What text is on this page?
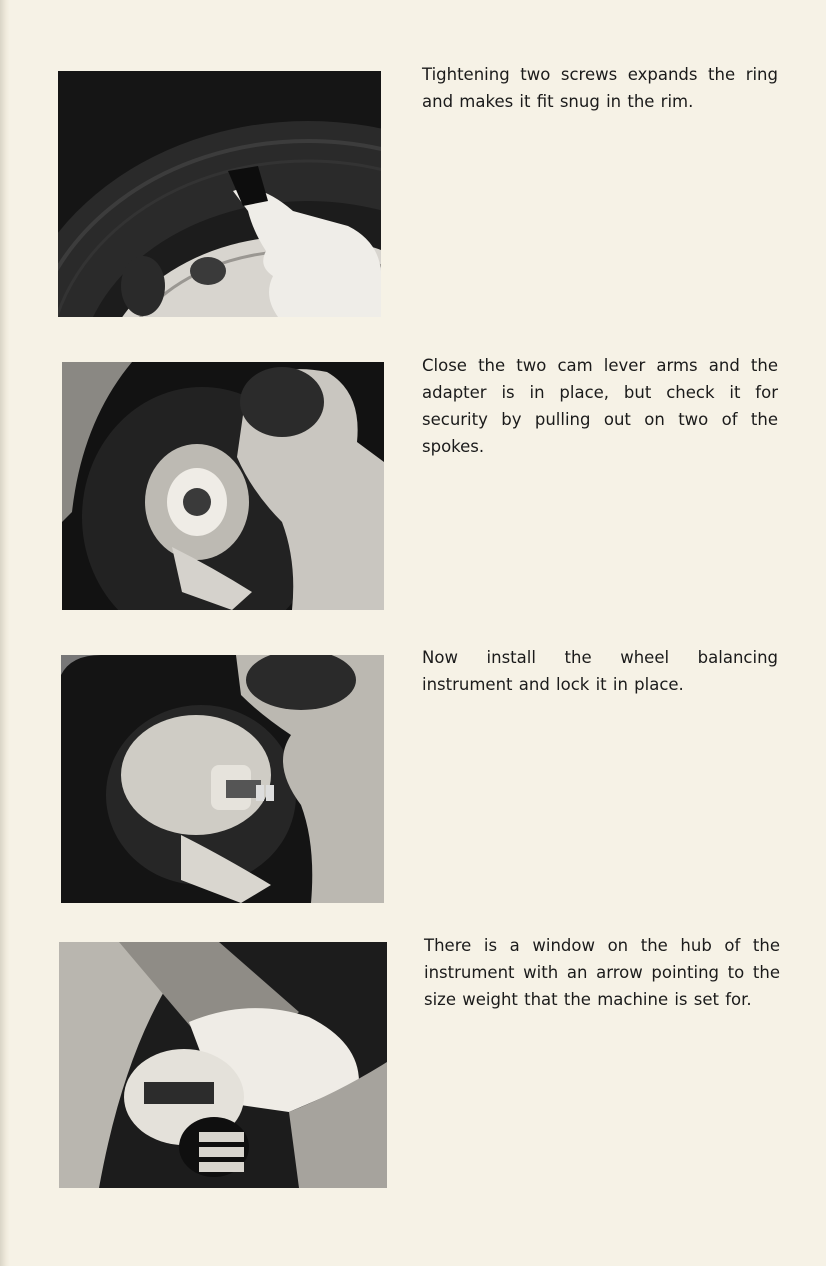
Tightening two screws expands the ring and makes it fit snug in the rim.

Close the two cam lever arms and the adapter is in place, but check it for security by pulling out on two of the spokes.

Now install the wheel balancing instrument and lock it in place.

There is a window on the hub of the instrument with an arrow pointing to the size weight that the machine is set for.
